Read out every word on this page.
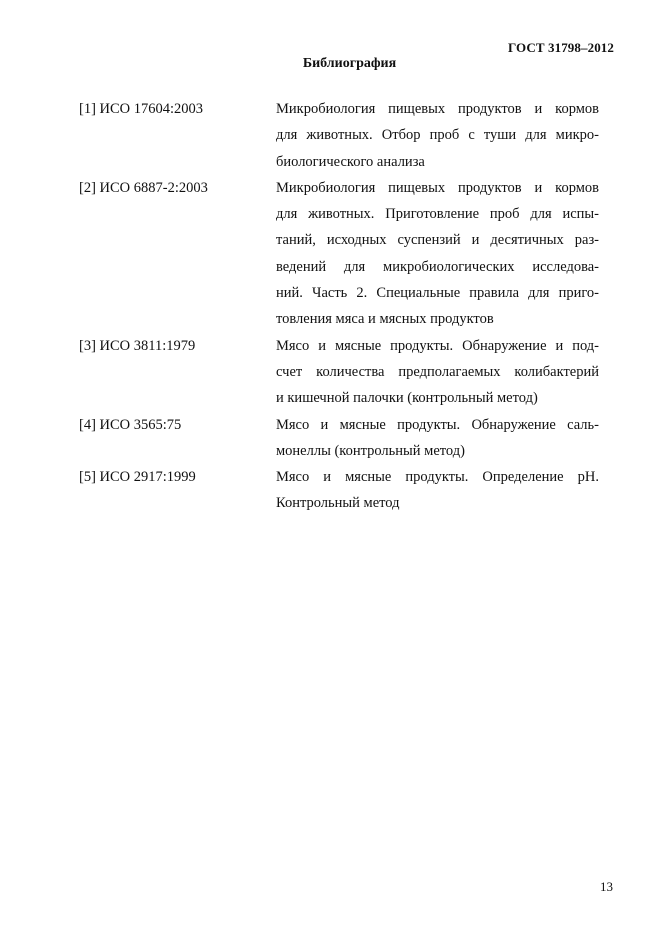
ГОСТ 31798–2012
Библиография
[1] ИСО 17604:2003	Микробиология пищевых продуктов и кормов
для животных. Отбор проб с туши для микро-
биологического анализа
[2] ИСО 6887-2:2003	Микробиология пищевых продуктов и кормов
для животных. Приготовление проб для испы-
таний, исходных суспензий и десятичных раз-
ведений для микробиологических исследова-
ний. Часть 2. Специальные правила для приго-
товления мяса и мясных продуктов
[3] ИСО 3811:1979	Мясо и мясные продукты. Обнаружение и под-
счет количества предполагаемых колибактерий
и кишечной палочки (контрольный метод)
[4] ИСО 3565:75	Мясо и мясные продукты. Обнаружение саль-
монеллы (контрольный метод)
[5] ИСО 2917:1999	Мясо и мясные продукты. Определение pH.
Контрольный метод
13
